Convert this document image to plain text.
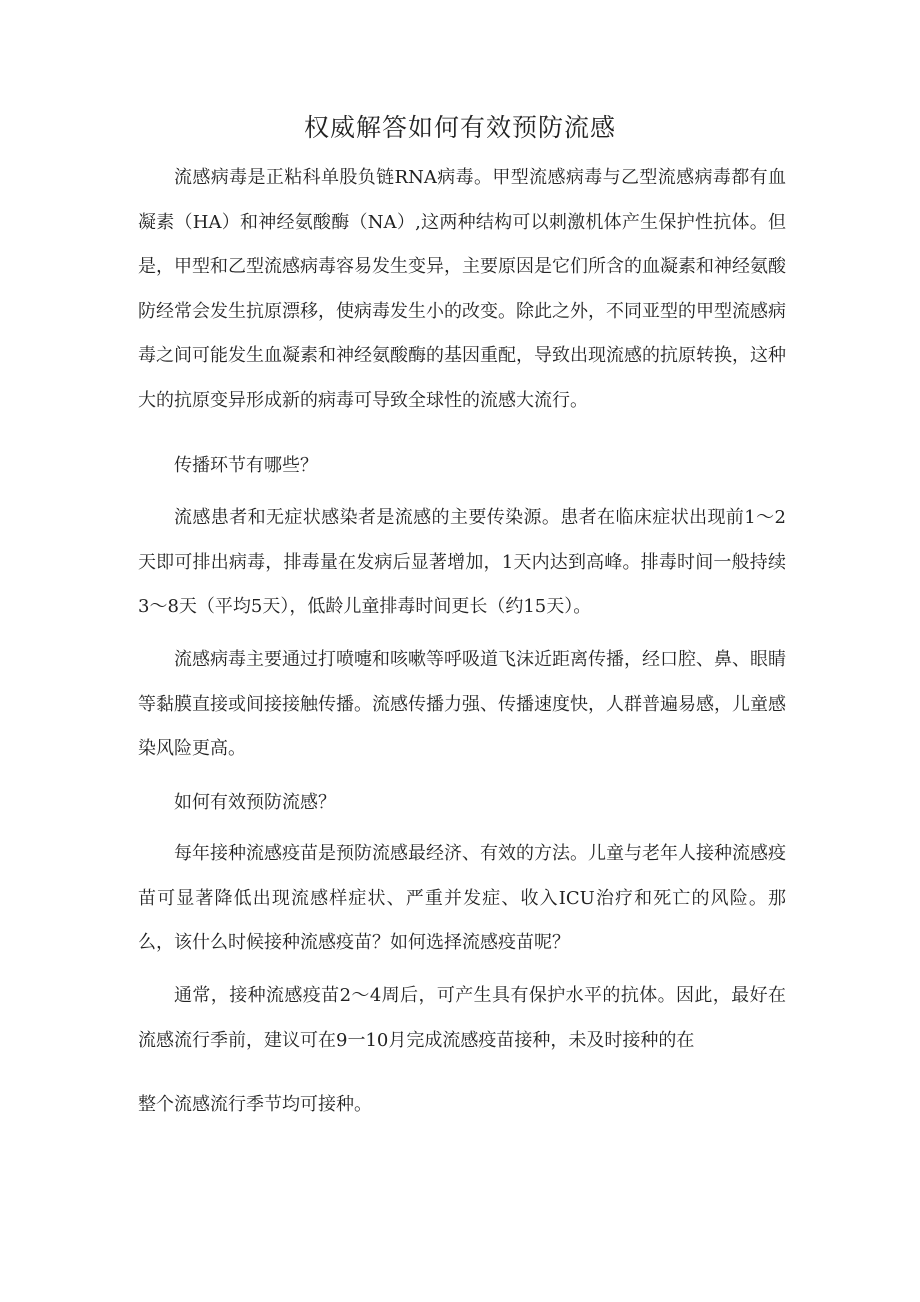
权威解答如何有效预防流感

流感病毒是正粘科单股负链RNA病毒。甲型流感病毒与乙型流感病毒都有血凝素（HA）和神经氨酸酶（NA）,这两种结构可以刺激机体产生保护性抗体。但是，甲型和乙型流感病毒容易发生变异，主要原因是它们所含的血凝素和神经氨酸防经常会发生抗原漂移，使病毒发生小的改变。除此之外，不同亚型的甲型流感病毒之间可能发生血凝素和神经氨酸酶的基因重配，导致出现流感的抗原转换，这种大的抗原变异形成新的病毒可导致全球性的流感大流行。

传播环节有哪些？

流感患者和无症状感染者是流感的主要传染源。患者在临床症状出现前1〜2天即可排出病毒，排毒量在发病后显著增加，1天内达到高峰。排毒时间一般持续3〜8天（平均5天），低龄儿童排毒时间更长（约15天）。

流感病毒主要通过打喷嚏和咳嗽等呼吸道飞沫近距离传播，经口腔、鼻、眼睛等黏膜直接或间接接触传播。流感传播力强、传播速度快，人群普遍易感，儿童感染风险更高。

如何有效预防流感？

每年接种流感疫苗是预防流感最经济、有效的方法。儿童与老年人接种流感疫苗可显著降低出现流感样症状、严重并发症、收入ICU治疗和死亡的风险。那么，该什么时候接种流感疫苗？如何选择流感疫苗呢？

通常，接种流感疫苗2〜4周后，可产生具有保护水平的抗体。因此，最好在流感流行季前，建议可在9一10月完成流感疫苗接种，未及时接种的在

整个流感流行季节均可接种。
